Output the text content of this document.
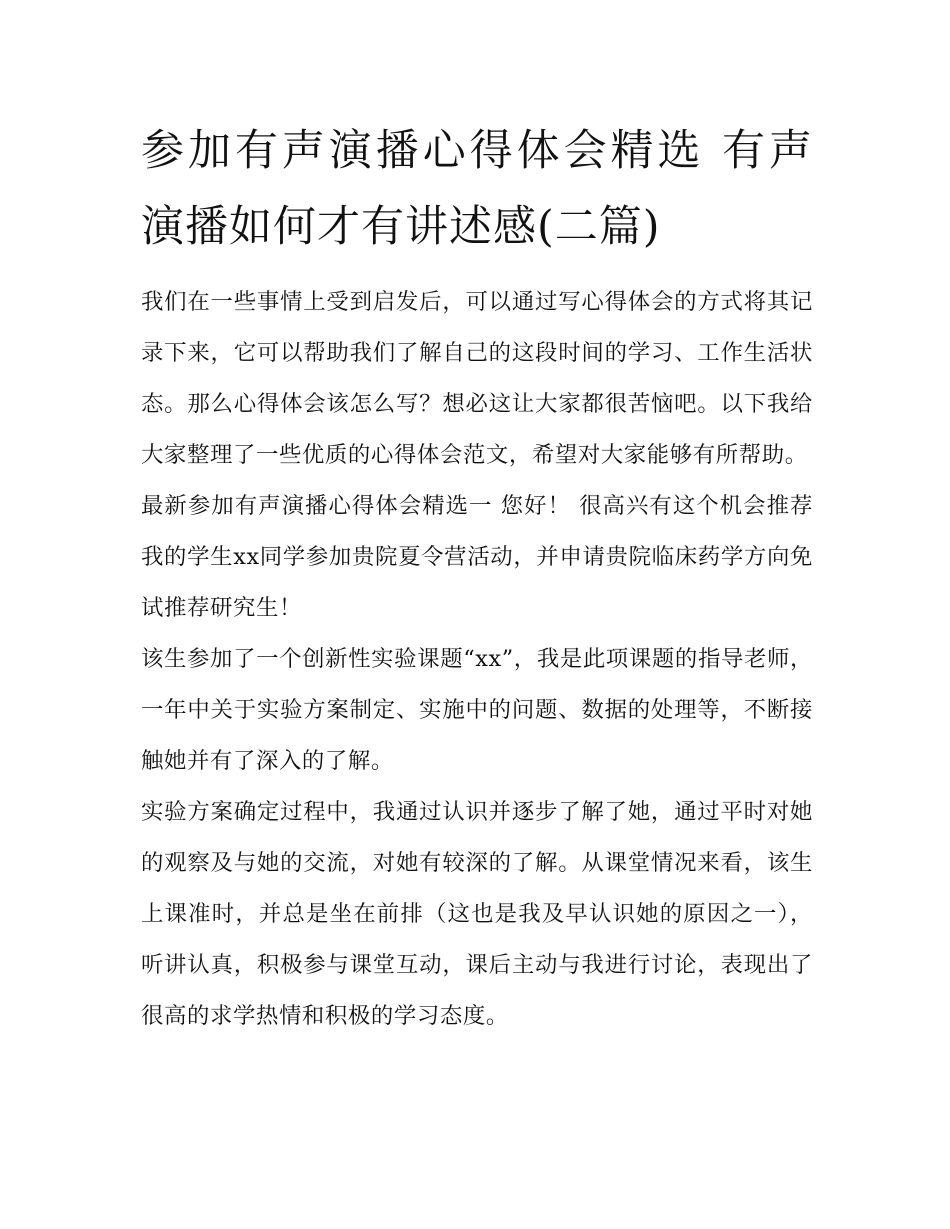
参加有声演播心得体会精选 有声演播如何才有讲述感(二篇)

我们在一些事情上受到启发后，可以通过写心得体会的方式将其记录下来，它可以帮助我们了解自己的这段时间的学习、工作生活状态。那么心得体会该怎么写？想必这让大家都很苦恼吧。以下我给大家整理了一些优质的心得体会范文，希望对大家能够有所帮助。

最新参加有声演播心得体会精选一 您好！ 很高兴有这个机会推荐我的学生xx同学参加贵院夏令营活动，并申请贵院临床药学方向免试推荐研究生！

该生参加了一个创新性实验课题“xx”，我是此项课题的指导老师，一年中关于实验方案制定、实施中的问题、数据的处理等，不断接触她并有了深入的了解。

实验方案确定过程中，我通过认识并逐步了解了她，通过平时对她的观察及与她的交流，对她有较深的了解。从课堂情况来看，该生上课准时，并总是坐在前排（这也是我及早认识她的原因之一），听讲认真，积极参与课堂互动，课后主动与我进行讨论，表现出了很高的求学热情和积极的学习态度。
